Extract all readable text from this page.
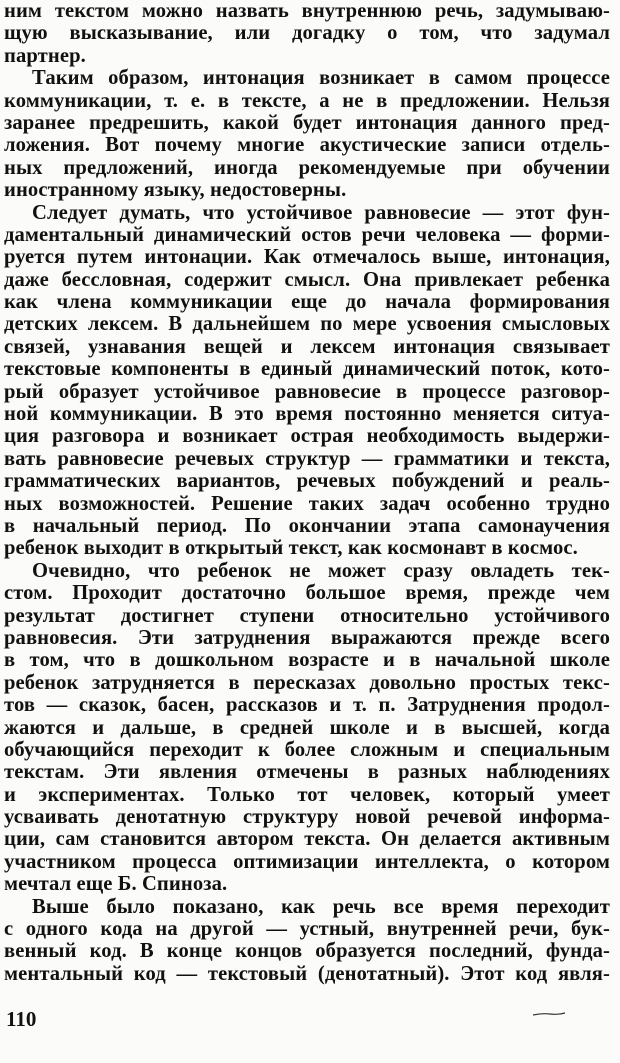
ним текстом можно назвать внутреннюю речь, задумываю-
щую высказывание, или догадку о том, что задумал
партнер.
Таким образом, интонация возникает в самом процессе
коммуникации, т. е. в тексте, а не в предложении. Нельзя
заранее предрешить, какой будет интонация данного пред-
ложения. Вот почему многие акустические записи отдель-
ных предложений, иногда рекомендуемые при обучении
иностранному языку, недостоверны.
Следует думать, что устойчивое равновесие — этот фун-
даментальный динамический остов речи человека — форми-
руется путем интонации. Как отмечалось выше, интонация,
даже бессловная, содержит смысл. Она привлекает ребенка
как члена коммуникации еще до начала формирования
детских лексем. В дальнейшем по мере усвоения смысловых
связей, узнавания вещей и лексем интонация связывает
текстовые компоненты в единый динамический поток, кото-
рый образует устойчивое равновесие в процессе разговор-
ной коммуникации. В это время постоянно меняется ситуа-
ция разговора и возникает острая необходимость выдержи-
вать равновесие речевых структур — грамматики и текста,
грамматических вариантов, речевых побуждений и реаль-
ных возможностей. Решение таких задач особенно трудно
в начальный период. По окончании этапа самонаучения
ребенок выходит в открытый текст, как космонавт в космос.
Очевидно, что ребенок не может сразу овладеть тек-
стом. Проходит достаточно большое время, прежде чем
результат достигнет ступени относительно устойчивого
равновесия. Эти затруднения выражаются прежде всего
в том, что в дошкольном возрасте и в начальной школе
ребенок затрудняется в пересказах довольно простых текс-
тов — сказок, басен, рассказов и т. п. Затруднения продол-
жаются и дальше, в средней школе и в высшей, когда
обучающийся переходит к более сложным и специальным
текстам. Эти явления отмечены в разных наблюдениях
и экспериментах. Только тот человек, который умеет
усваивать денотатную структуру новой речевой информа-
ции, сам становится автором текста. Он делается активным
участником процесса оптимизации интеллекта, о котором
мечтал еще Б. Спиноза.
Выше было показано, как речь все время переходит
с одного кода на другой — устный, внутренней речи, бук-
венный код. В конце концов образуется последний, фунда-
ментальный код — текстовый (денотатный). Этот код явля-
110
